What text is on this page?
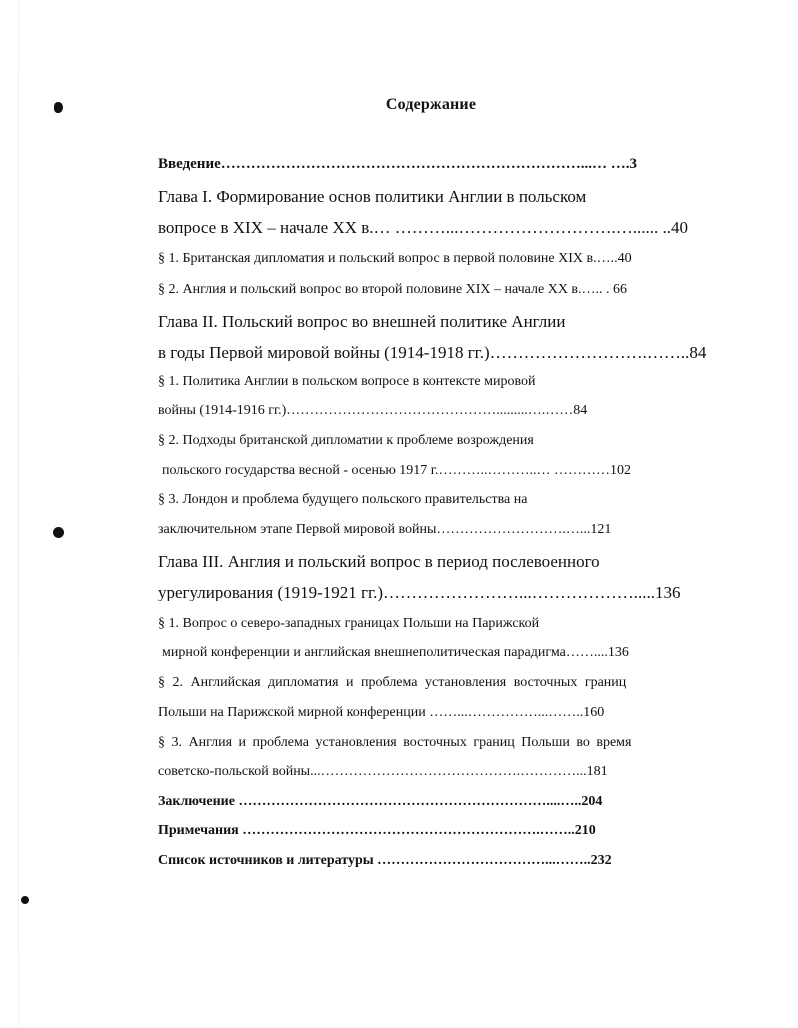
Содержание
Введение………………………………………………………………...… ….3
Глава I. Формирование основ политики Англии в польском
вопросе в XIX – начале XX в.… ………...……………………….…...... ..40
§ 1. Британская дипломатия и польский вопрос в первой половине XIX в.…..40
§ 2. Англия и польский вопрос во второй половине XIX – начале XX в.….. . 66
Глава II. Польский вопрос во внешней политике Англии
в годы Первой мировой войны (1914-1918 гг.)……………………….……..84
§ 1. Политика Англии в польском вопросе в контексте мировой
войны (1914-1916 гг.)……………………………………….........….……84
§ 2. Подходы британской дипломатии к проблеме возрождения
польского государства весной - осенью 1917 г.………..………..… …………102
§ 3. Лондон и проблема будущего польского правительства на
заключительном этапе Первой мировой войны……………………….…...121
Глава III. Англия и польский вопрос в период послевоенного
урегулирования (1919-1921 гг.)……………………...……………….....136
§ 1. Вопрос о северо-западных границах Польши на Парижской
мирной конференции и английская внешнеполитическая парадигма……....136
§ 2. Английская дипломатия и проблема установления восточных границ
Польши на Парижской мирной конференции ……...……………...……..160
§ 3. Англия и проблема установления восточных границ Польши во время
советско-польской войны...…………………………………….…………...181
Заключение …………………………………………………………....…..204
Примечания ……………………………………………………….……..210
Список источников и литературы ………………………………...……..232
